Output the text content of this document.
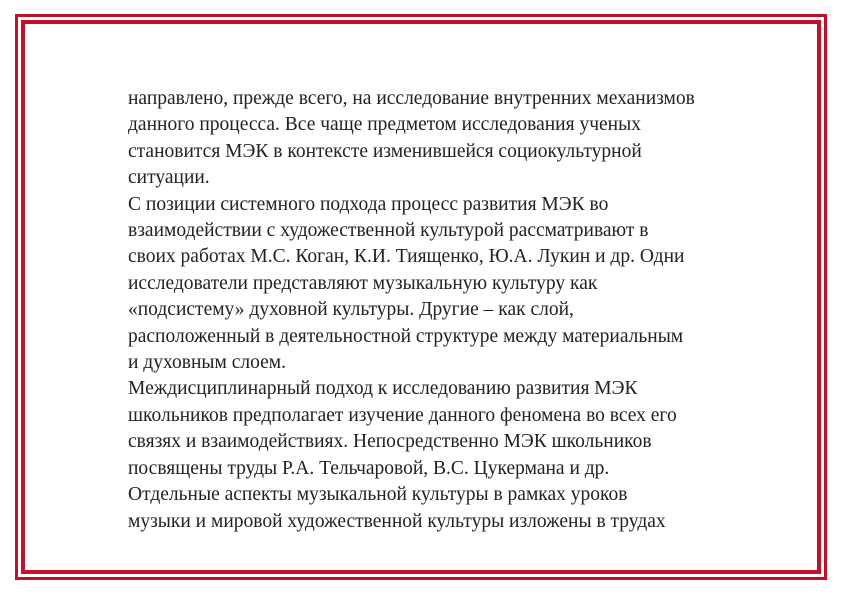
направлено, прежде всего, на исследование внутренних механизмов
данного процесса. Все чаще предметом исследования ученых
становится МЭК в контексте изменившейся социокультурной
ситуации.
С позиции системного подхода процесс развития МЭК во
взаимодействии с художественной культурой рассматривают в
своих работах М.С. Коган, К.И. Тиященко, Ю.А. Лукин и др. Одни
исследователи представляют музыкальную культуру как
«подсистему» духовной культуры. Другие – как слой,
расположенный в деятельностной структуре между материальным
и духовным слоем.
Междисциплинарный подход к исследованию развития МЭК
школьников предполагает изучение данного феномена во всех его
связях и взаимодействиях. Непосредственно МЭК школьников
посвящены труды Р.А. Тельчаровой, В.С. Цукермана и др.
Отдельные аспекты музыкальной культуры в рамках уроков
музыки и мировой художественной культуры изложены в трудах
